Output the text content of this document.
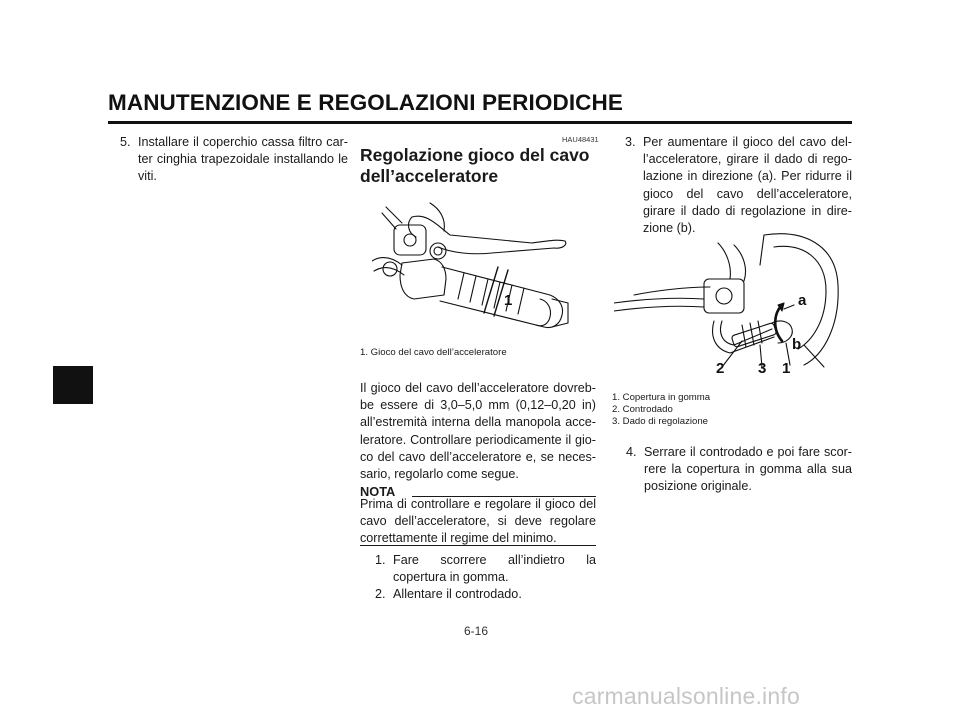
MANUTENZIONE E REGOLAZIONI PERIODICHE
6
5. Installare il coperchio cassa filtro car-ter cinghia trapezoidale installando le viti.
HAU48431
Regolazione gioco del cavo dell’acceleratore
1
1. Gioco del cavo dell’acceleratore
Il gioco del cavo dell’acceleratore dovreb-be essere di 3,0–5,0 mm (0,12–0,20 in) all’estremità interna della manopola acce-leratore. Controllare periodicamente il gio-co del cavo dell’acceleratore e, se neces-sario, regolarlo come segue.
NOTA
Prima di controllare e regolare il gioco del cavo dell’acceleratore, si deve regolare correttamente il regime del minimo.
1. Fare scorrere all’indietro la copertura in gomma.
2. Allentare il controdado.
3. Per aumentare il gioco del cavo del-l’acceleratore, girare il dado di rego-lazione in direzione (a). Per ridurre il gioco del cavo dell’acceleratore, girare il dado di regolazione in dire-zione (b).
a
b
2 3 1
1. Copertura in gomma
2. Controdado
3. Dado di regolazione
4. Serrare il controdado e poi fare scor-rere la copertura in gomma alla sua posizione originale.
6-16
carmanualsonline.info
